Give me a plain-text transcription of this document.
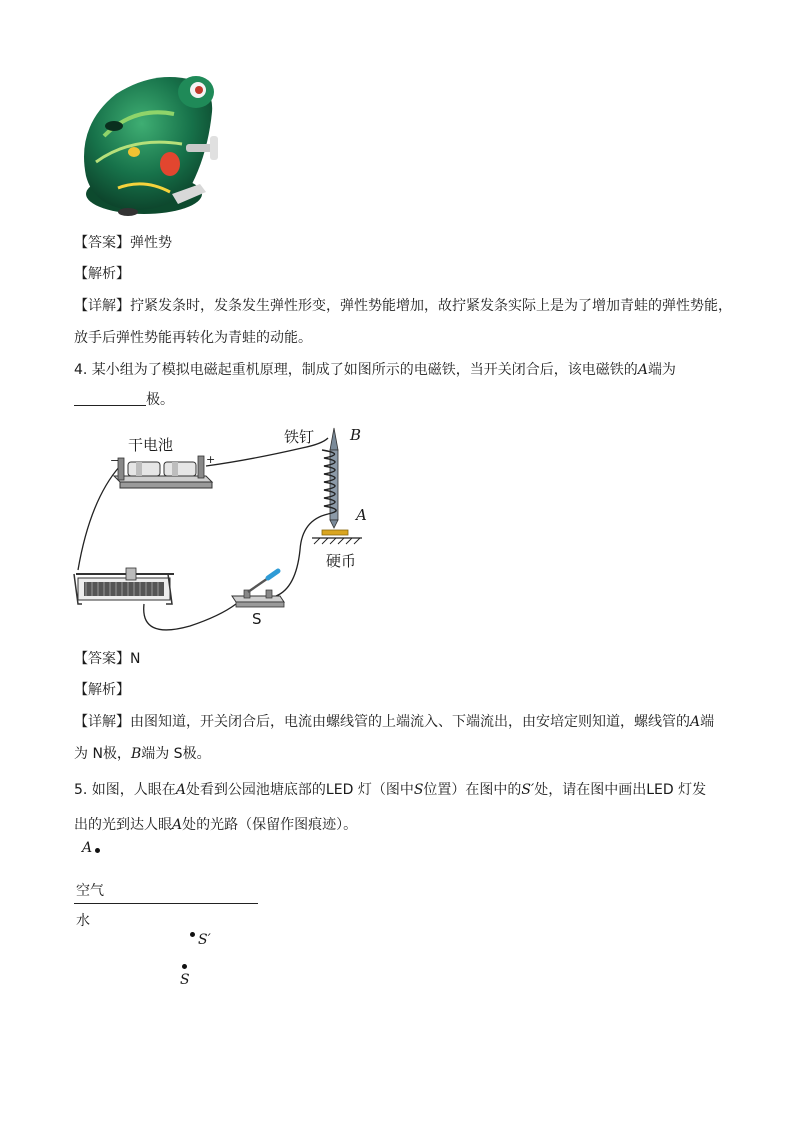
【答案】弹性势
【解析】
【详解】拧紧发条时，发条发生弹性形变，弹性势能增加，故拧紧发条实际上是为了增加青蛙的弹性势能，
放手后弹性势能再转化为青蛙的动能。
4. 某小组为了模拟电磁起重机原理，制成了如图所示的电磁铁，当开关闭合后，该电磁铁的A端为
极。
干电池
−	+
铁钉 B
A
硬币
S
【答案】N
【解析】
【详解】由图知道，开关闭合后，电流由螺线管的上端流入、下端流出，由安培定则知道，螺线管的A端
为 N极，B端为 S极。
5. 如图，人眼在A处看到公园池塘底部的LED 灯（图中S位置）在图中的S′处，请在图中画出LED 灯发
出的光到达人眼A处的光路（保留作图痕迹）。
A
空气
水
S′
S
